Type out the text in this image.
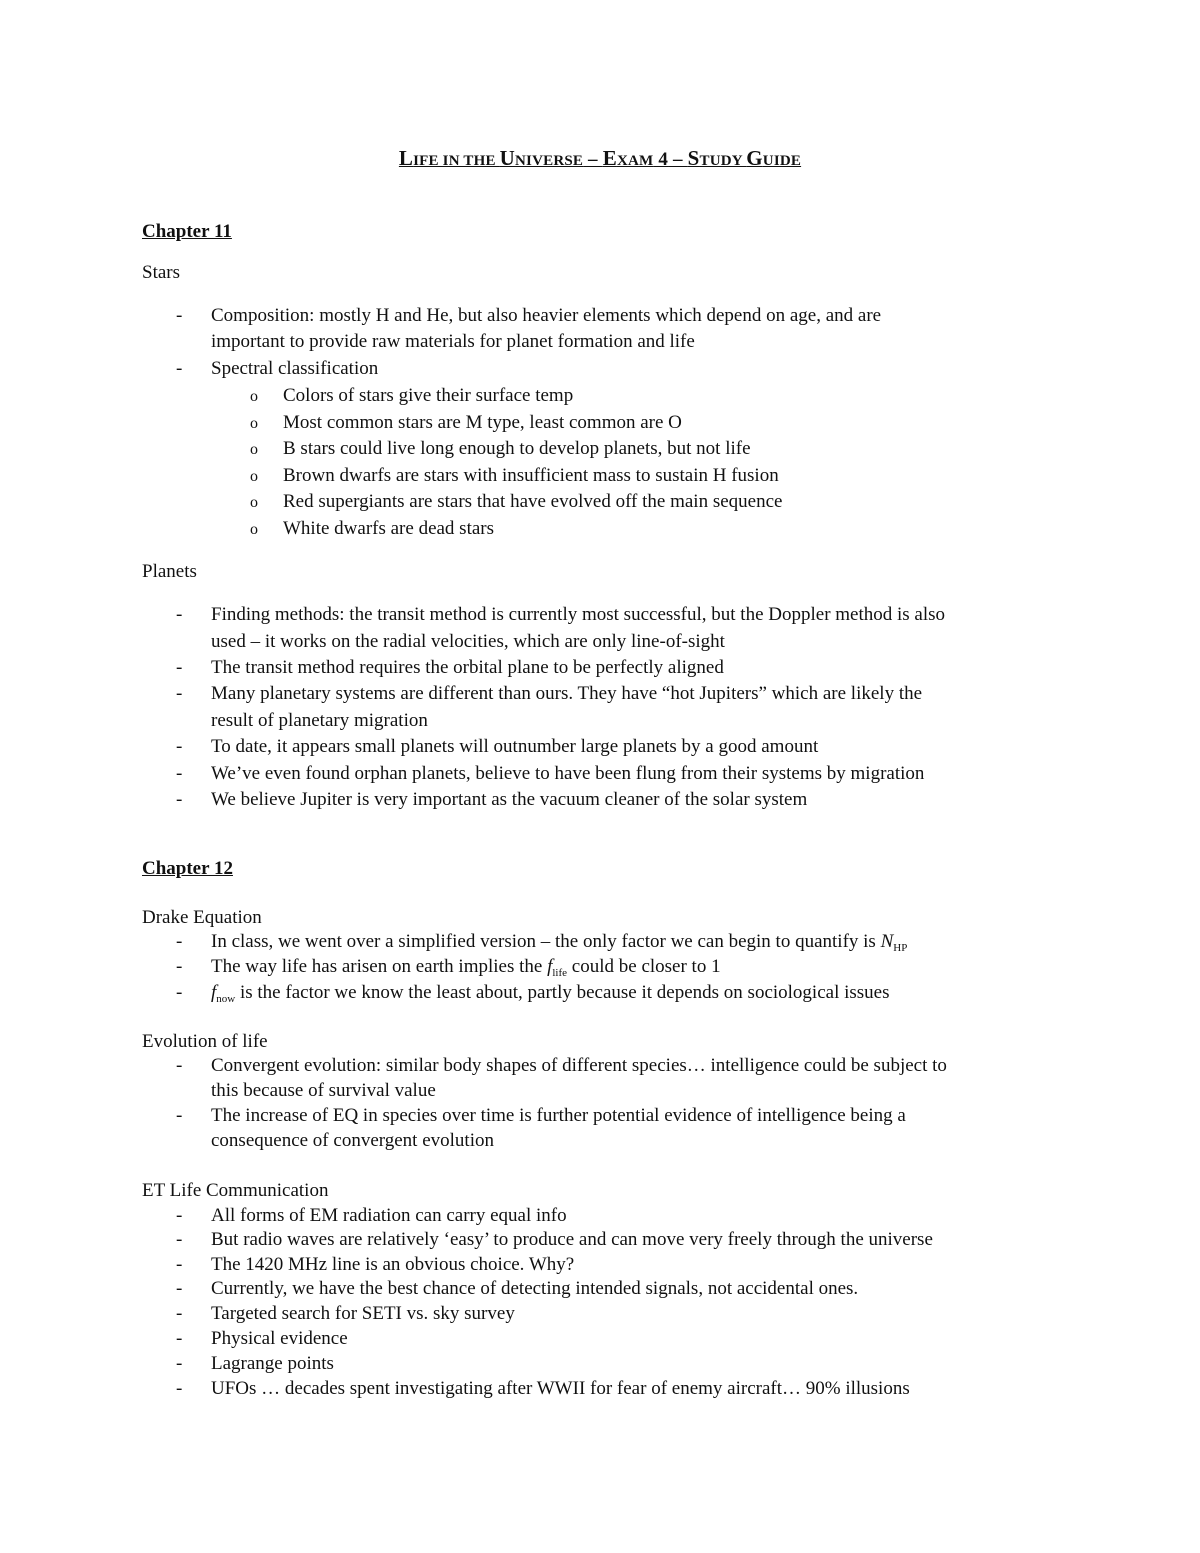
LIFE IN THE UNIVERSE – EXAM 4 – STUDY GUIDE
Chapter 11
Stars
- Composition: mostly H and He, but also heavier elements which depend on age, and are
important to provide raw materials for planet formation and life
- Spectral classification
o Colors of stars give their surface temp
o Most common stars are M type, least common are O
o B stars could live long enough to develop planets, but not life
o Brown dwarfs are stars with insufficient mass to sustain H fusion
o Red supergiants are stars that have evolved off the main sequence
o White dwarfs are dead stars
Planets
- Finding methods: the transit method is currently most successful, but the Doppler method is also
used – it works on the radial velocities, which are only line-of-sight
- The transit method requires the orbital plane to be perfectly aligned
- Many planetary systems are different than ours. They have “hot Jupiters” which are likely the
result of planetary migration
- To date, it appears small planets will outnumber large planets by a good amount
- We’ve even found orphan planets, believe to have been flung from their systems by migration
- We believe Jupiter is very important as the vacuum cleaner of the solar system
Chapter 12
Drake Equation
- In class, we went over a simplified version – the only factor we can begin to quantify is $N_{HP}$
- The way life has arisen on earth implies the $f_{life}$ could be closer to 1
- $f_{now}$ is the factor we know the least about, partly because it depends on sociological issues
Evolution of life
- Convergent evolution: similar body shapes of different species… intelligence could be subject to
this because of survival value
- The increase of EQ in species over time is further potential evidence of intelligence being a
consequence of convergent evolution
ET Life Communication
- All forms of EM radiation can carry equal info
- But radio waves are relatively ‘easy’ to produce and can move very freely through the universe
- The 1420 MHz line is an obvious choice. Why?
- Currently, we have the best chance of detecting intended signals, not accidental ones.
- Targeted search for SETI vs. sky survey
- Physical evidence
- Lagrange points
- UFOs … decades spent investigating after WWII for fear of enemy aircraft… 90% illusions
